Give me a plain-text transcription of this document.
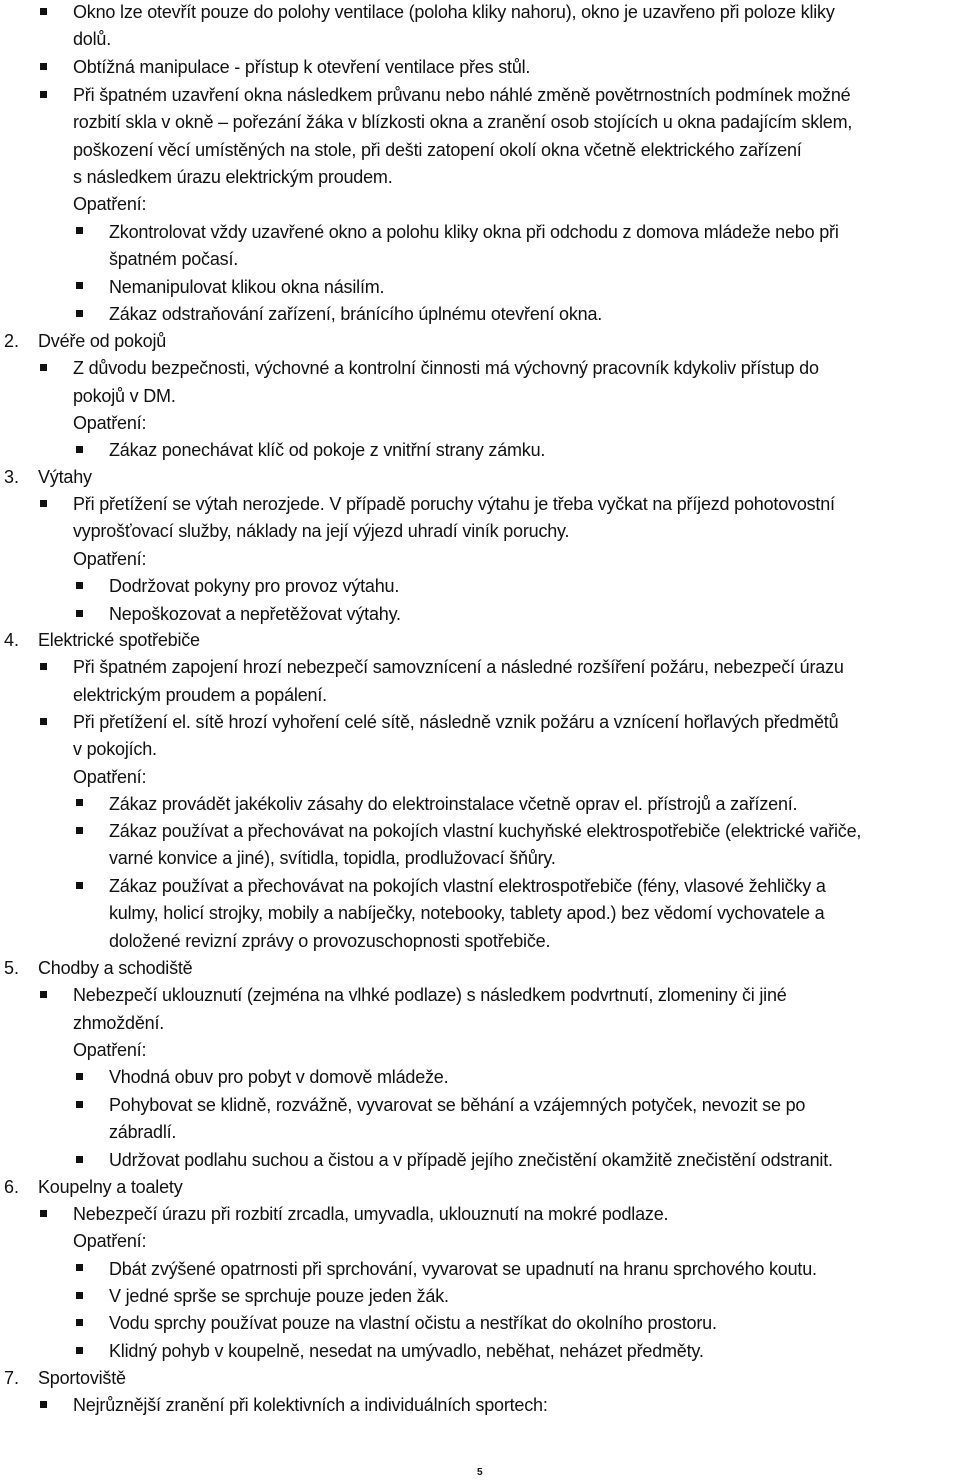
Okno lze otevřít pouze do polohy ventilace (poloha kliky nahoru), okno je uzavřeno při poloze kliky
dolů.
Obtížná manipulace - přístup k otevření ventilace přes stůl.
Při špatném uzavření okna následkem průvanu nebo náhlé změně povětrnostních podmínek možné
rozbití skla v okně – pořezání žáka v blízkosti okna a zranění osob stojících u okna padajícím sklem,
poškození věcí umístěných na stole, při dešti zatopení okolí okna včetně elektrického zařízení
s následkem úrazu elektrickým proudem.
Opatření:
Zkontrolovat vždy uzavřené okno a polohu kliky okna při odchodu z domova mládeže nebo při
špatném počasí.
Nemanipulovat klikou okna násilím.
Zákaz odstraňování zařízení, bránícího úplnému otevření okna.
2. Dvéře od pokojů
Z důvodu bezpečnosti, výchovné a kontrolní činnosti má výchovný pracovník kdykoliv přístup do
pokojů v DM.
Opatření:
Zákaz ponechávat klíč od pokoje z vnitřní strany zámku.
3. Výtahy
Při přetížení se výtah nerozjede. V případě poruchy výtahu je třeba vyčkat na příjezd pohotovostní
vyprošťovací služby, náklady na její výjezd uhradí viník poruchy.
Opatření:
Dodržovat pokyny pro provoz výtahu.
Nepoškozovat a nepřetěžovat výtahy.
4. Elektrické spotřebiče
Při špatném zapojení hrozí nebezpečí samovznícení a následné rozšíření požáru, nebezpečí úrazu
elektrickým proudem a popálení.
Při přetížení el. sítě hrozí vyhoření celé sítě, následně vznik požáru a vznícení hořlavých předmětů
v pokojích.
Opatření:
Zákaz provádět jakékoliv zásahy do elektroinstalace včetně oprav el. přístrojů a zařízení.
Zákaz používat a přechovávat na pokojích vlastní kuchyňské elektrospotřebiče (elektrické vařiče,
varné konvice a jiné), svítidla, topidla, prodlužovací šňůry.
Zákaz používat a přechovávat na pokojích vlastní elektrospotřebiče (fény, vlasové žehličky a
kulmy, holicí strojky, mobily a nabíječky, notebooky, tablety apod.) bez vědomí vychovatele a
doložené revizní zprávy o provozuschopnosti spotřebiče.
5. Chodby a schodiště
Nebezpečí uklouznutí (zejména na vlhké podlaze) s následkem podvrtnutí, zlomeniny či jiné
zhmoždění.
Opatření:
Vhodná obuv pro pobyt v domově mládeže.
Pohybovat se klidně, rozvážně, vyvarovat se běhání a vzájemných potyček, nevozit se po
zábradlí.
Udržovat podlahu suchou a čistou a v případě jejího znečistění okamžitě znečistění odstranit.
6. Koupelny a toalety
Nebezpečí úrazu při rozbití zrcadla, umyvadla, uklouznutí na mokré podlaze.
Opatření:
Dbát zvýšené opatrnosti při sprchování, vyvarovat se upadnutí na hranu sprchového koutu.
V jedné sprše se sprchuje pouze jeden žák.
Vodu sprchy používat pouze na vlastní očistu a nestříkat do okolního prostoru.
Klidný pohyb v koupelně, nesedat na umývadlo, neběhat, neházet předměty.
7. Sportoviště
Nejrůznější zranění při kolektivních a individuálních sportech:
5
